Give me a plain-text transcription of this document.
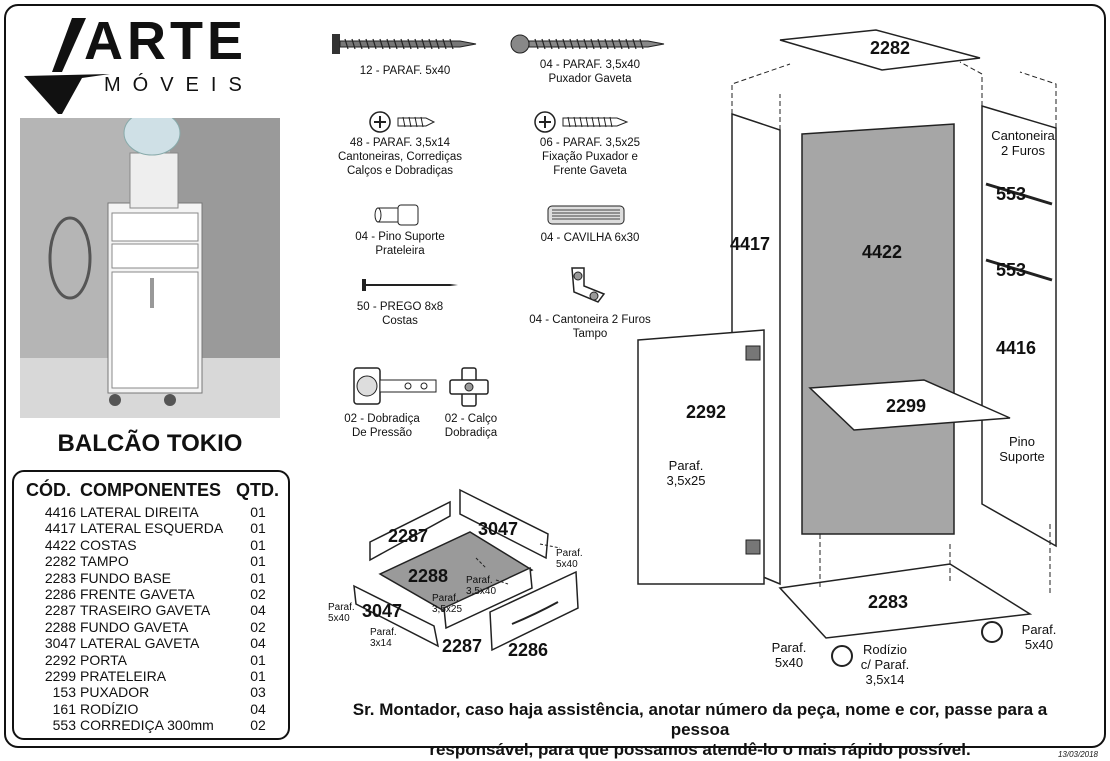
ARTE
MÓVEIS
BALCÃO TOKIO
CÓD. COMPONENTES QTD.
4416 LATERAL DIREITA	01
4417 LATERAL ESQUERDA	01
4422 COSTAS	01
2282 TAMPO	01
2283 FUNDO BASE	01
2286 FRENTE GAVETA	02
2287 TRASEIRO GAVETA	04
2288 FUNDO GAVETA	02
3047 LATERAL GAVETA	04
2292 PORTA	01
2299 PRATELEIRA	01
153 PUXADOR	03
161 RODÍZIO	04
553 CORREDIÇA 300mm	02
12 - PARAF. 5x40	04 - PARAF. 3,5x40
Puxador Gaveta
48 - PARAF. 3,5x14
Cantoneiras, Corrediças
Calços e Dobradiças
06 - PARAF. 3,5x25
Fixação Puxador e
Frente Gaveta
04 - Pino Suporte
Prateleira
04 - CAVILHA 6x30
50 - PREGO 8x8
Costas	04 - Cantoneira 2 Furos
Tampo
02 - Dobradiça
De Pressão
02 - Calço
Dobradiça
2287	3047
2288
3047
2287 2286
Paraf.
5x40
Paraf.
3,5x40
Paraf.
3,5x25
Paraf.
5x40
Paraf.
3x14
2282
4417	4422
4416
2292	2299
2283
553
553
Cantoneira
2 Furos
Pino
Suporte
Paraf.
3,5x25
Paraf.
5x40
Rodízio
c/ Paraf.
3,5x14
Paraf.
5x40
Sr. Montador, caso haja assistência, anotar número da peça, nome e cor, passe para a pessoa
responsável, para que possamos atendê-lo o mais rápido possível.	13/03/2018
